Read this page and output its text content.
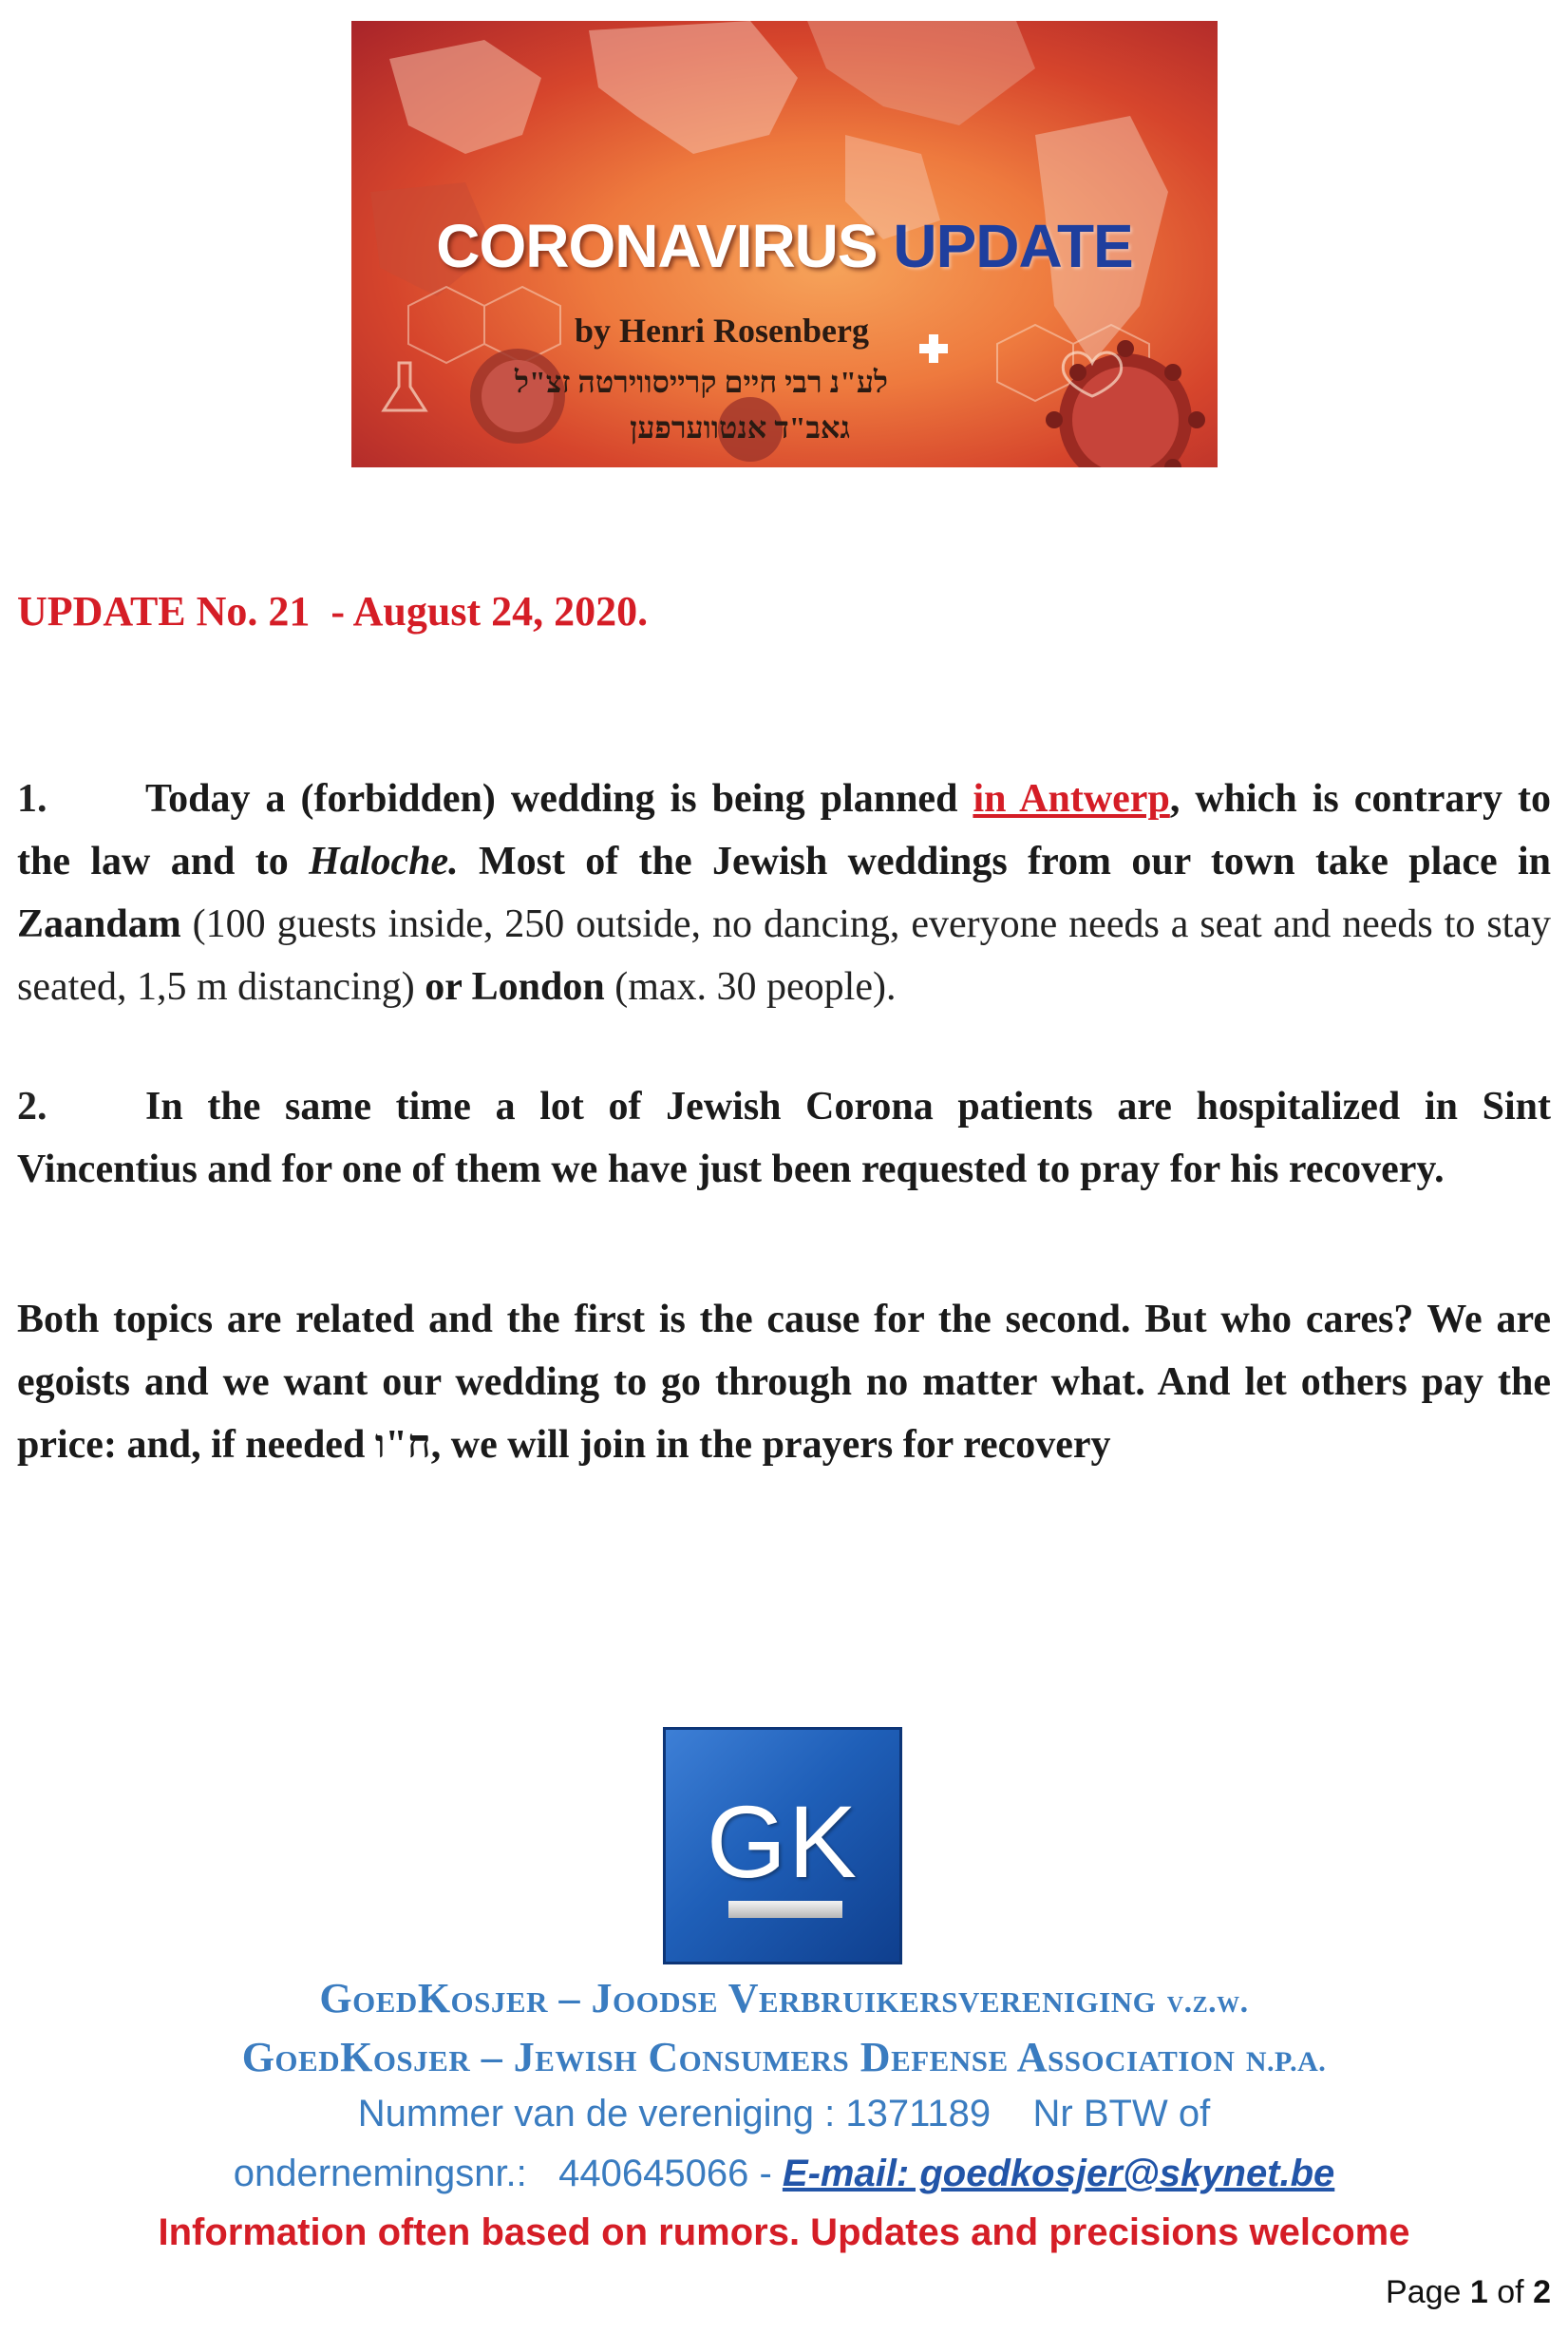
CORONAVIRUS UPDATE
by Henri Rosenberg
לע"נ רבי חיים קרייסווירטה זצ"ל
גאב"ד אנטווערפען
UPDATE No. 21  - August 24, 2020.
1. Today a (forbidden) wedding is being planned in Antwerp, which is contrary to the law and to Haloche. Most of the Jewish weddings from our town take place in Zaandam (100 guests inside, 250 outside, no dancing, everyone needs a seat and needs to stay seated, 1,5 m distancing) or London (max. 30 people).
2. In the same time a lot of Jewish Corona patients are hospitalized in Sint Vincentius and for one of them we have just been requested to pray for his recovery.
Both topics are related and the first is the cause for the second. But who cares? We are egoists and we want our wedding to go through no matter what. And let others pay the price: and, if needed ח"ו, we will join in the prayers for recovery
GK
GoedKosjer – Joodse Verbruikersvereniging v.z.w.
GoedKosjer – Jewish Consumers Defense Association N.P.A.
Nummer van de vereniging : 1371189    Nr BTW of
ondernemingsnr.:   440645066 - E-mail: goedkosjer@skynet.be
Information often based on rumors. Updates and precisions welcome
Page 1 of 2
